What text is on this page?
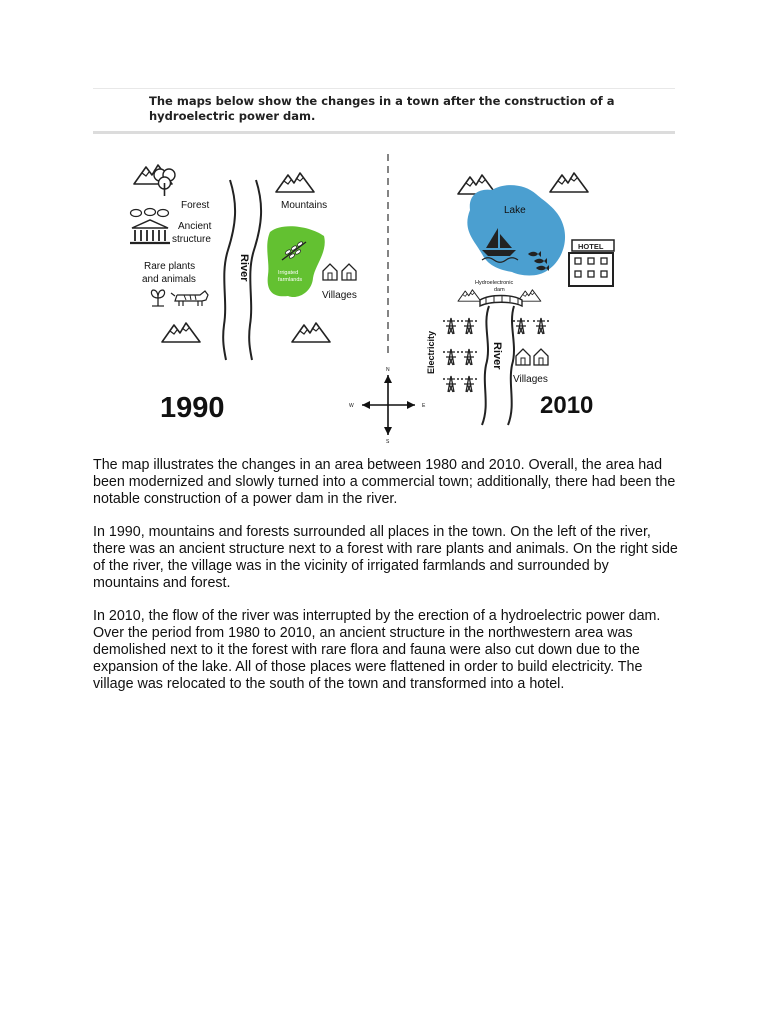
The maps below show the changes in a town after the construction of a hydroelectric power dam.
Forest
Ancient
structure
Rare plants
and animals	River
Mountains
Irrigated
farmlands
Villages
1990
N
W	E
S
Lake
HOTEL
Hydroelectronic
dam
River
Electricity
Villages
2010

The map illustrates the changes in an area between 1980 and 2010. Overall, the area had been modernized and slowly turned into a commercial town; additionally, there had been the notable construction of a power dam in the river.

In 1990, mountains and forests surrounded all places in the town. On the left of the river, there was an ancient structure next to a forest with rare plants and animals. On the right side of the river, the village was in the vicinity of irrigated farmlands and surrounded by mountains and forest.

In 2010, the flow of the river was interrupted by the erection of a hydroelectric power dam. Over the period from 1980 to 2010, an ancient structure in the northwestern area was demolished next to it the forest with rare flora and fauna were also cut down due to the expansion of the lake. All of those places were flattened in order to build electricity. The village was relocated to the south of the town and transformed into a hotel.
